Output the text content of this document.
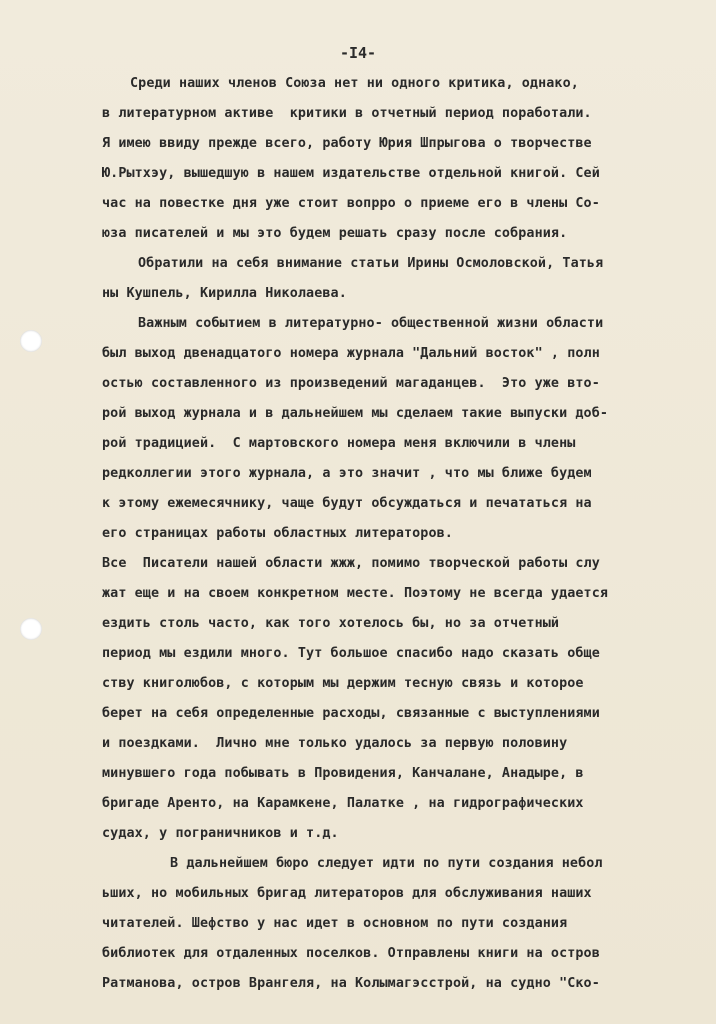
-I4-
Среди наших членов Союза нет ни одного критика, однако,
в литературном активе  критики в отчетный период поработали.
Я имею ввиду прежде всего, работу Юрия Шпрыгова о творчестве
Ю.Рытхэу, вышедшую в нашем издательстве отдельной книгой. Сей
час на повестке дня уже стоит вопрро о приеме его в члены Со-
юза писателей и мы это будем решать сразу после собрания.
Обратили на себя внимание статьи Ирины Осмоловской, Татья
ны Кушпель, Кирилла Николаева.
Важным событием в литературно- общественной жизни области
был выход двенадцатого номера журнала "Дальний восток" , полн
остью составленного из произведений магаданцев.  Это уже вто-
рой выход журнала и в дальнейшем мы сделаем такие выпуски доб-
рой традицией.  С мартовского номера меня включили в члены
редколлегии этого журнала, а это значит , что мы ближе будем
к этому ежемесячнику, чаще будут обсуждаться и печататься на
его страницах работы областных литераторов.
Все  Писатели нашей области жжж, помимо творческой работы слу
жат еще и на своем конкретном месте. Поэтому не всегда удается
ездить столь часто, как того хотелось бы, но за отчетный
период мы ездили много. Тут большое спасибо надо сказать обще
ству книголюбов, с которым мы держим тесную связь и которое
берет на себя определенные расходы, связанные с выступлениями
и поездками.  Лично мне только удалось за первую половину
минувшего года побывать в Провидения, Канчалане, Анадыре, в
бригаде Аренто, на Карамкене, Палатке , на гидрографических
судах, у пограничников и т.д.
В дальнейшем бюро следует идти по пути создания небол
ьших, но мобильных бригад литераторов для обслуживания наших
читателей. Шефство у нас идет в основном по пути создания
библиотек для отдаленных поселков. Отправлены книги на остров
Ратманова, остров Врангеля, на Колымагэсстрой, на судно "Ско-
